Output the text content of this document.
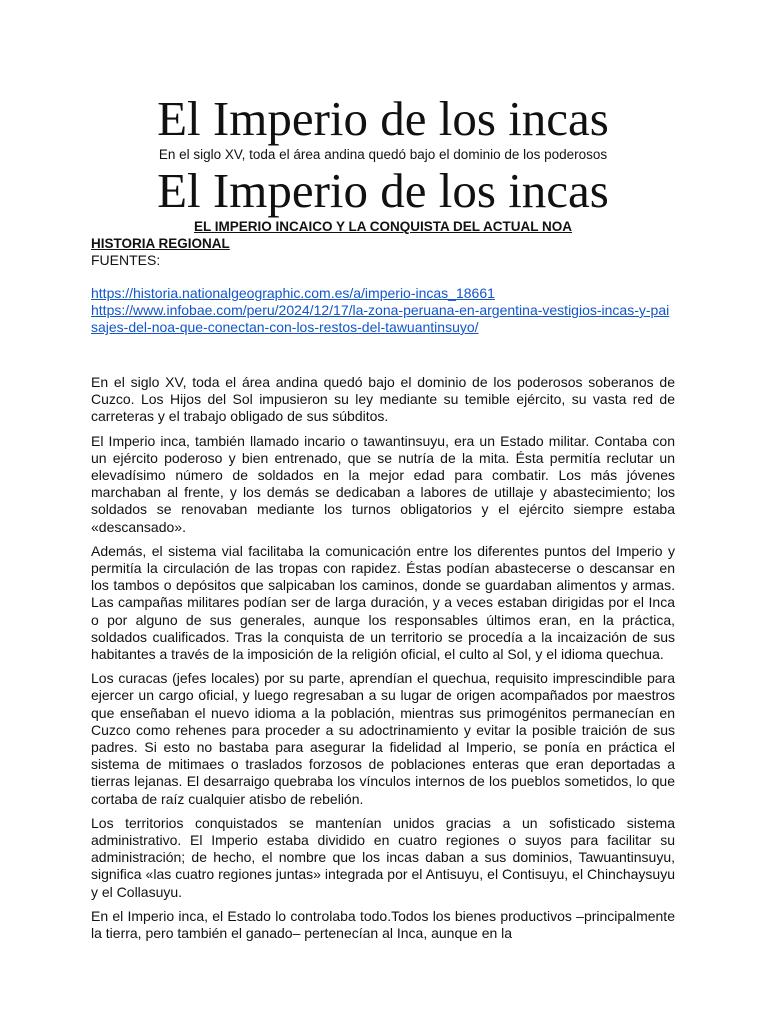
El Imperio de los incas

En el siglo XV, toda el área andina quedó bajo el dominio de los poderosos

El Imperio de los incas

EL IMPERIO INCAICO Y LA CONQUISTA DEL ACTUAL NOA

HISTORIA REGIONAL

FUENTES:

https://historia.nationalgeographic.com.es/a/imperio-incas_18661
https://www.infobae.com/peru/2024/12/17/la-zona-peruana-en-argentina-vestigios-incas-y-paisajes-del-noa-que-conectan-con-los-restos-del-tawuantinsuyo/

En el siglo XV, toda el área andina quedó bajo el dominio de los poderosos soberanos de Cuzco. Los Hijos del Sol impusieron su ley mediante su temible ejército, su vasta red de carreteras y el trabajo obligado de sus súbditos.

El Imperio inca, también llamado incario o tawantinsuyu, era un Estado militar. Contaba con un ejército poderoso y bien entrenado, que se nutría de la mita. Ésta permitía reclutar un elevadísimo número de soldados en la mejor edad para combatir. Los más jóvenes marchaban al frente, y los demás se dedicaban a labores de utillaje y abastecimiento; los soldados se renovaban mediante los turnos obligatorios y el ejército siempre estaba «descansado».

Además, el sistema vial facilitaba la comunicación entre los diferentes puntos del Imperio y permitía la circulación de las tropas con rapidez. Éstas podían abastecerse o descansar en los tambos o depósitos que salpicaban los caminos, donde se guardaban alimentos y armas. Las campañas militares podían ser de larga duración, y a veces estaban dirigidas por el Inca o por alguno de sus generales, aunque los responsables últimos eran, en la práctica, soldados cualificados. Tras la conquista de un territorio se procedía a la incaización de sus habitantes a través de la imposición de la religión oficial, el culto al Sol, y el idioma quechua.

Los curacas (jefes locales) por su parte, aprendían el quechua, requisito imprescindible para ejercer un cargo oficial, y luego regresaban a su lugar de origen acompañados por maestros que enseñaban el nuevo idioma a la población, mientras sus primogénitos permanecían en Cuzco como rehenes para proceder a su adoctrinamiento y evitar la posible traición de sus padres. Si esto no bastaba para asegurar la fidelidad al Imperio, se ponía en práctica el sistema de mitimaes o traslados forzosos de poblaciones enteras que eran deportadas a tierras lejanas. El desarraigo quebraba los vínculos internos de los pueblos sometidos, lo que cortaba de raíz cualquier atisbo de rebelión.

Los territorios conquistados se mantenían unidos gracias a un sofisticado sistema administrativo. El Imperio estaba dividido en cuatro regiones o suyos para facilitar su administración; de hecho, el nombre que los incas daban a sus dominios, Tawuantinsuyu, significa «las cuatro regiones juntas» integrada por el Antisuyu, el Contisuyu, el Chinchaysuyu y el Collasuyu.

En el Imperio inca, el Estado lo controlaba todo.Todos los bienes productivos –principalmente la tierra, pero también el ganado– pertenecían al Inca, aunque en la
